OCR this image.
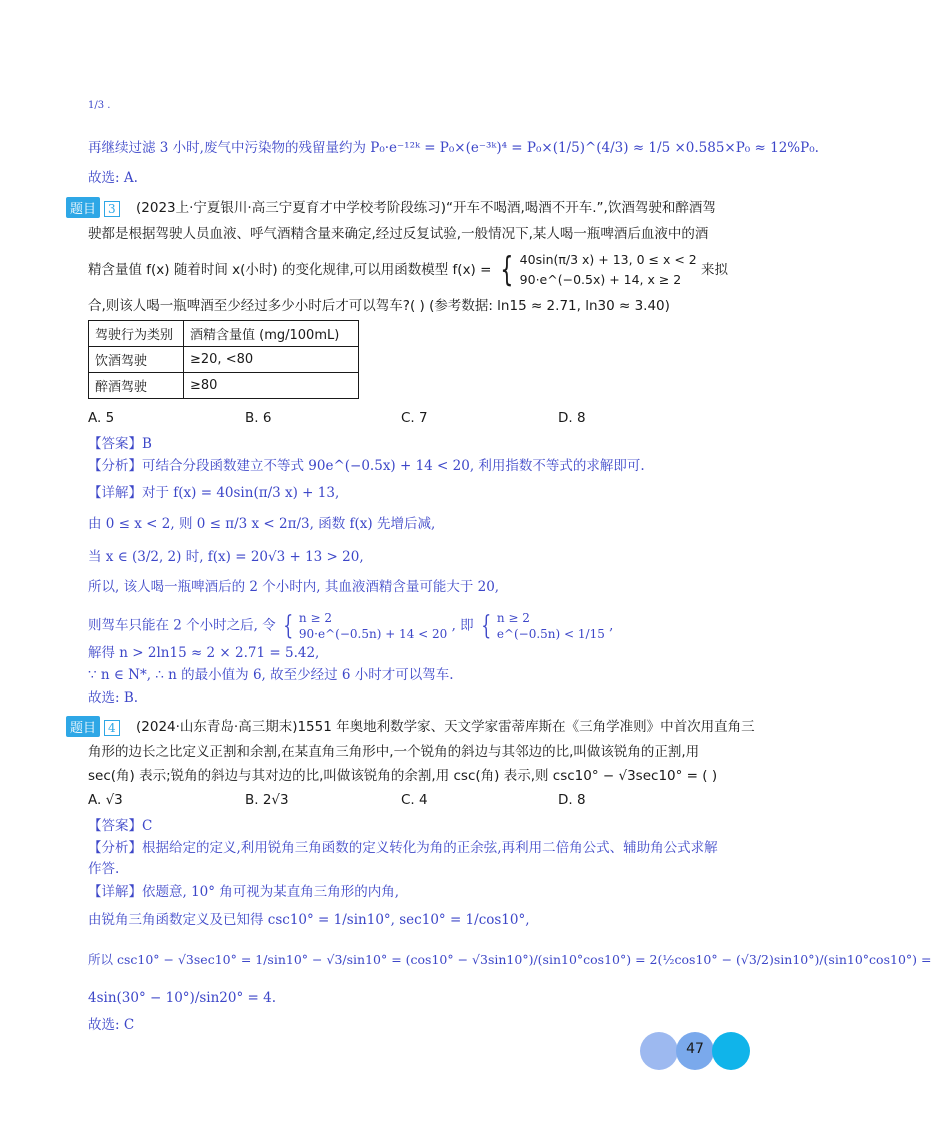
1/3 .
再继续过滤 3 小时,废气中污染物的残留量约为 P₀·e⁻¹²ᵏ = P₀×(e⁻³ᵏ)⁴ = P₀×(1/5)^(4/3) ≈ 1/5 ×0.585×P₀ ≈ 12%P₀.
故选: A.
题目 3 (2023上·宁夏银川·高三宁夏育才中学校考阶段练习)“开车不喝酒,喝酒不开车.”,饮酒驾驶和醉酒驾
驶都是根据驾驶人员血液、呼气酒精含量来确定,经过反复试验,一般情况下,某人喝一瓶啤酒后血液中的酒
精含量值 f(x) 随着时间 x(小时) 的变化规律,可以用函数模型 f(x) = { 40sin(π/3 x) + 13, 0 ≤ x < 2
90·e^(−0.5x) + 14, x ≥ 2
来拟
合,则该人喝一瓶啤酒至少经过多少小时后才可以驾车?( ) (参考数据: ln15 ≈ 2.71, ln30 ≈ 3.40)
驾驶行为类别	酒精含量值 (mg/100mL)
饮酒驾驶	≥20, <80
醉酒驾驶	≥80
A. 5	B. 6	C. 7	D. 8
【答案】B
【分析】可结合分段函数建立不等式 90e^(−0.5x) + 14 < 20, 利用指数不等式的求解即可.
【详解】对于 f(x) = 40sin(π/3 x) + 13,
由 0 ≤ x < 2, 则 0 ≤ π/3 x < 2π/3, 函数 f(x) 先增后减,
当 x ∈ (3/2, 2) 时, f(x) = 20√3 + 13 > 20,
所以, 该人喝一瓶啤酒后的 2 个小时内, 其血液酒精含量可能大于 20,
则驾车只能在 2 个小时之后, 令 { n ≥ 2
90·e^(−0.5n) + 14 < 20
, 即 { n ≥ 2
e^(−0.5n) < 1/15
,
解得 n > 2ln15 ≈ 2 × 2.71 = 5.42,
∵ n ∈ N*, ∴ n 的最小值为 6, 故至少经过 6 小时才可以驾车.
故选: B.
题目 4 (2024·山东青岛·高三期末)1551 年奥地利数学家、天文学家雷蒂库斯在《三角学准则》中首次用直角三
角形的边长之比定义正割和余割,在某直角三角形中,一个锐角的斜边与其邻边的比,叫做该锐角的正割,用
sec(角) 表示;锐角的斜边与其对边的比,叫做该锐角的余割,用 csc(角) 表示,则 csc10° − √3sec10° = ( )
A. √3	B. 2√3	C. 4	D. 8
【答案】C
【分析】根据给定的定义,利用锐角三角函数的定义转化为角的正余弦,再利用二倍角公式、辅助角公式求解
作答.
【详解】依题意, 10° 角可视为某直角三角形的内角,
由锐角三角函数定义及已知得 csc10° = 1/sin10°, sec10° = 1/cos10°,
所以 csc10° − √3sec10° = 1/sin10° − √3/sin10° = (cos10° − √3sin10°)/(sin10°cos10°) = 2(½cos10° − (√3/2)sin10°)/(sin10°cos10°) =
4sin(30° − 10°)/sin20° = 4.
故选: C
47
